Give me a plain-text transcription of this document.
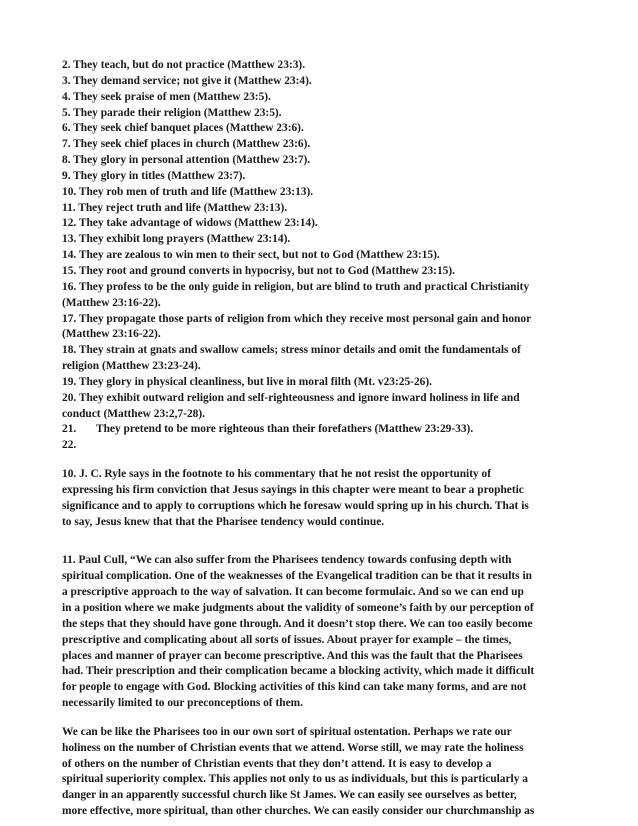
2. They teach, but do not practice (Matthew 23:3).
3. They demand service; not give it (Matthew 23:4).
4. They seek praise of men (Matthew 23:5).
5. They parade their religion (Matthew 23:5).
6. They seek chief banquet places (Matthew 23:6).
7. They seek chief places in church (Matthew 23:6).
8. They glory in personal attention (Matthew 23:7).
9. They glory in titles (Matthew 23:7).
10. They rob men of truth and life (Matthew 23:13).
11. They reject truth and life (Matthew 23:13).
12. They take advantage of widows (Matthew 23:14).
13. They exhibit long prayers (Matthew 23:14).
14. They are zealous to win men to their sect, but not to God (Matthew 23:15).
15. They root and ground converts in hypocrisy, but not to God (Matthew 23:15).
16. They profess to be the only guide in religion, but are blind to truth and practical Christianity
(Matthew 23:16-22).
17. They propagate those parts of religion from which they receive most personal gain and honor
(Matthew 23:16-22).
18. They strain at gnats and swallow camels; stress minor details and omit the fundamentals of
religion (Matthew 23:23-24).
19. They glory in physical cleanliness, but live in moral filth (Mt. v23:25-26).
20. They exhibit outward religion and self-righteousness and ignore inward holiness in life and
conduct (Matthew 23:2,7-28).
21. They pretend to be more righteous than their forefathers (Matthew 23:29-33).
22.
10. J. C. Ryle says in the footnote to his commentary that he not resist the opportunity of
expressing his firm conviction that Jesus sayings in this chapter were meant to bear a prophetic
significance and to apply to corruptions which he foresaw would spring up in his church. That is
to say, Jesus knew that that the Pharisee tendency would continue.
11. Paul Cull, “We can also suffer from the Pharisees tendency towards confusing depth with
spiritual complication. One of the weaknesses of the Evangelical tradition can be that it results in
a prescriptive approach to the way of salvation. It can become formulaic. And so we can end up
in a position where we make judgments about the validity of someone’s faith by our perception of
the steps that they should have gone through. And it doesn’t stop there. We can too easily become
prescriptive and complicating about all sorts of issues. About prayer for example – the times,
places and manner of prayer can become prescriptive. And this was the fault that the Pharisees
had. Their prescription and their complication became a blocking activity, which made it difficult
for people to engage with God. Blocking activities of this kind can take many forms, and are not
necessarily limited to our preconceptions of them.
We can be like the Pharisees too in our own sort of spiritual ostentation. Perhaps we rate our
holiness on the number of Christian events that we attend. Worse still, we may rate the holiness
of others on the number of Christian events that they don’t attend. It is easy to develop a
spiritual superiority complex. This applies not only to us as individuals, but this is particularly a
danger in an apparently successful church like St James. We can easily see ourselves as better,
more effective, more spiritual, than other churches. We can easily consider our churchmanship as
